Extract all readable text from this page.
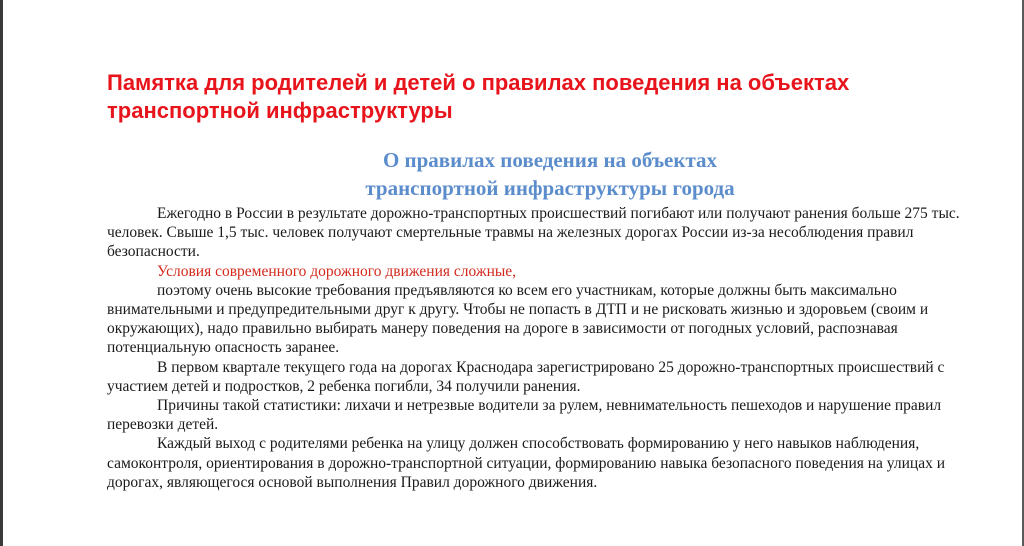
Памятка для родителей и детей о правилах поведения на объектах транспортной инфраструктуры
О правилах поведения на объектах
транспортной инфраструктуры города

Ежегодно в России в результате дорожно-транспортных происшествий погибают или получают ранения больше 275 тыс. человек. Свыше 1,5 тыс. человек получают смертельные травмы на железных дорогах России из-за несоблюдения правил безопасности.

Условия современного дорожного движения сложные,

поэтому очень высокие требования предъявляются ко всем его участникам, которые должны быть максимально внимательными и предупредительными друг к другу. Чтобы не попасть в ДТП и не рисковать жизнью и здоровьем (своим и окружающих), надо правильно выбирать манеру поведения на дороге в зависимости от погодных условий, распознавая потенциальную опасность заранее.

В первом квартале текущего года на дорогах Краснодара зарегистрировано 25 дорожно-транспортных происшествий с участием детей и подростков, 2 ребенка погибли, 34 получили ранения.

Причины такой статистики: лихачи и нетрезвые водители за рулем, невнимательность пешеходов и нарушение правил перевозки детей.

Каждый выход с родителями ребенка на улицу должен способствовать формированию у него навыков наблюдения, самоконтроля, ориентирования в дорожно-транспортной ситуации, формированию навыка безопасного поведения на улицах и дорогах, являющегося основой выполнения Правил дорожного движения.
